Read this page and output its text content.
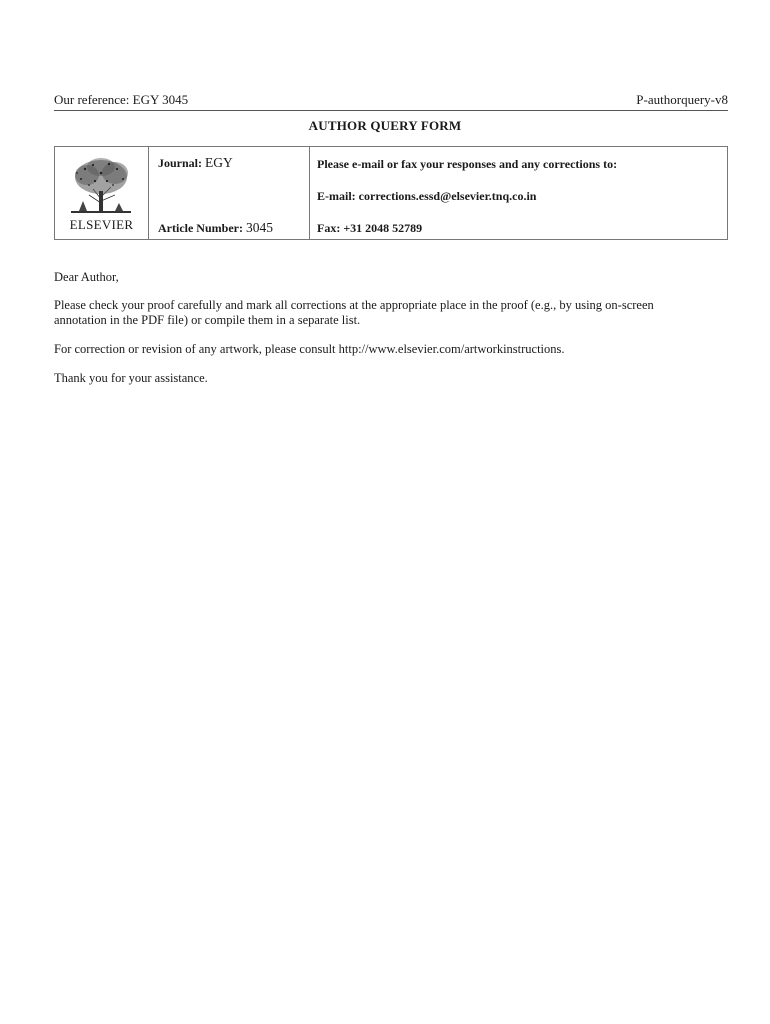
Our reference: EGY 3045	P-authorquery-v8
AUTHOR QUERY FORM
ELSEVIER
Journal: EGY
Article Number: 3045
Please e-mail or fax your responses and any corrections to:
E-mail: corrections.essd@elsevier.tnq.co.in
Fax: +31 2048 52789
Dear Author,
Please check your proof carefully and mark all corrections at the appropriate place in the proof (e.g., by using on-screen
annotation in the PDF file) or compile them in a separate list.
For correction or revision of any artwork, please consult http://www.elsevier.com/artworkinstructions.
Thank you for your assistance.
